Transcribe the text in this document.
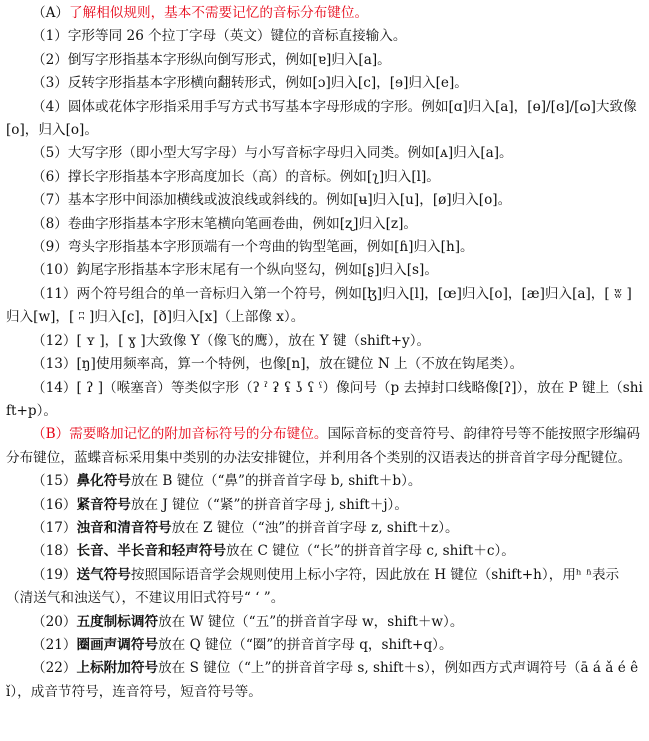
（A）了解相似规则，基本不需要记忆的音标分布键位。

（1）字形等同 26 个拉丁字母（英文）键位的音标直接输入。

（2）倒写字形指基本字形纵向倒写形式，例如[ɐ]归入[a]。

（3）反转字形指基本字形横向翻转形式，例如[ɔ]归入[c]，[ɘ]归入[e]。

（4）圆体或花体字形指采用手写方式书写基本字母形成的字形。例如[ɑ]归入[a]，[ɵ]/[ɞ]/[ɷ]大致像[o]，归入[o]。

（5）大写字形（即小型大写字母）与小写音标字母归入同类。例如[ᴀ]归入[a]。

（6）撑长字形指基本字形高度加长（高）的音标。例如[ʅ]归入[l]。

（7）基本字形中间添加横线或波浪线或斜线的。例如[ʉ]归入[u]，[ø]归入[o]。

（8）卷曲字形指基本字形末笔横向笔画卷曲，例如[ʐ]归入[z]。

（9）弯头字形指基本字形顶端有一个弯曲的钩型笔画，例如[ɦ]归入[h]。

（10）鈎尾字形指基本字形末尾有一个纵向竖勾，例如[ʂ]归入[s]。

（11）两个符号组合的单一音标归入第一个符号，例如[ɮ]归入[l]，[œ]归入[o]，[æ]归入[a]，[ ʬ ]归入[w]，[ ʭ ]归入[c]，[ð]归入[x]（上部像 x）。

（12）[ ʏ ]，[ ɣ ]大致像 Y（像飞的鹰），放在 Y 键（shift+y）。

（13）[ŋ]使用频率高，算一个特例，也像[n]，放在键位 N 上（不放在钩尾类）。

（14）[ ʔ ]（喉塞音）等类似字形（ʔ ˀ ʡ ʢ ʖ ʕ ˤ）像问号（p 去掉封口线略像[ʔ]），放在 P 键上（shift+p）。

（B）需要略加记忆的附加音标符号的分布键位。国际音标的变音符号、韵律符号等不能按照字形编码分布键位，蓝蝶音标采用集中类别的办法安排键位，并利用各个类别的汉语表达的拼音首字母分配键位。

（15）鼻化符号放在 B 键位（“鼻”的拼音首字母 b, shift＋b）。

（16）紧音符号放在 J 键位（“紧”的拼音首字母 j, shift＋j）。

（17）浊音和清音符号放在 Z 键位（“浊”的拼音首字母 z, shift＋z）。

（18）长音、半长音和轻声符号放在 C 键位（“长”的拼音首字母 c, shift＋c）。

（19）送气符号按照国际语音学会规则使用上标小字符，因此放在 H 键位（shift+h），用ʰ ʱ表示（清送气和浊送气），不建议用旧式符号“ ‘ ”。

（20）五度制标调符放在 W 键位（“五”的拼音首字母 w，shift＋w）。

（21）圈画声调符号放在 Q 键位（“圈”的拼音首字母 q，shift+q）。

（22）上标附加符号放在 S 键位（“上”的拼音首字母 s, shift＋s），例如西方式声调符号（ā á ǎ é ê ǐ），成音节符号，连音符号，短音符号等。
